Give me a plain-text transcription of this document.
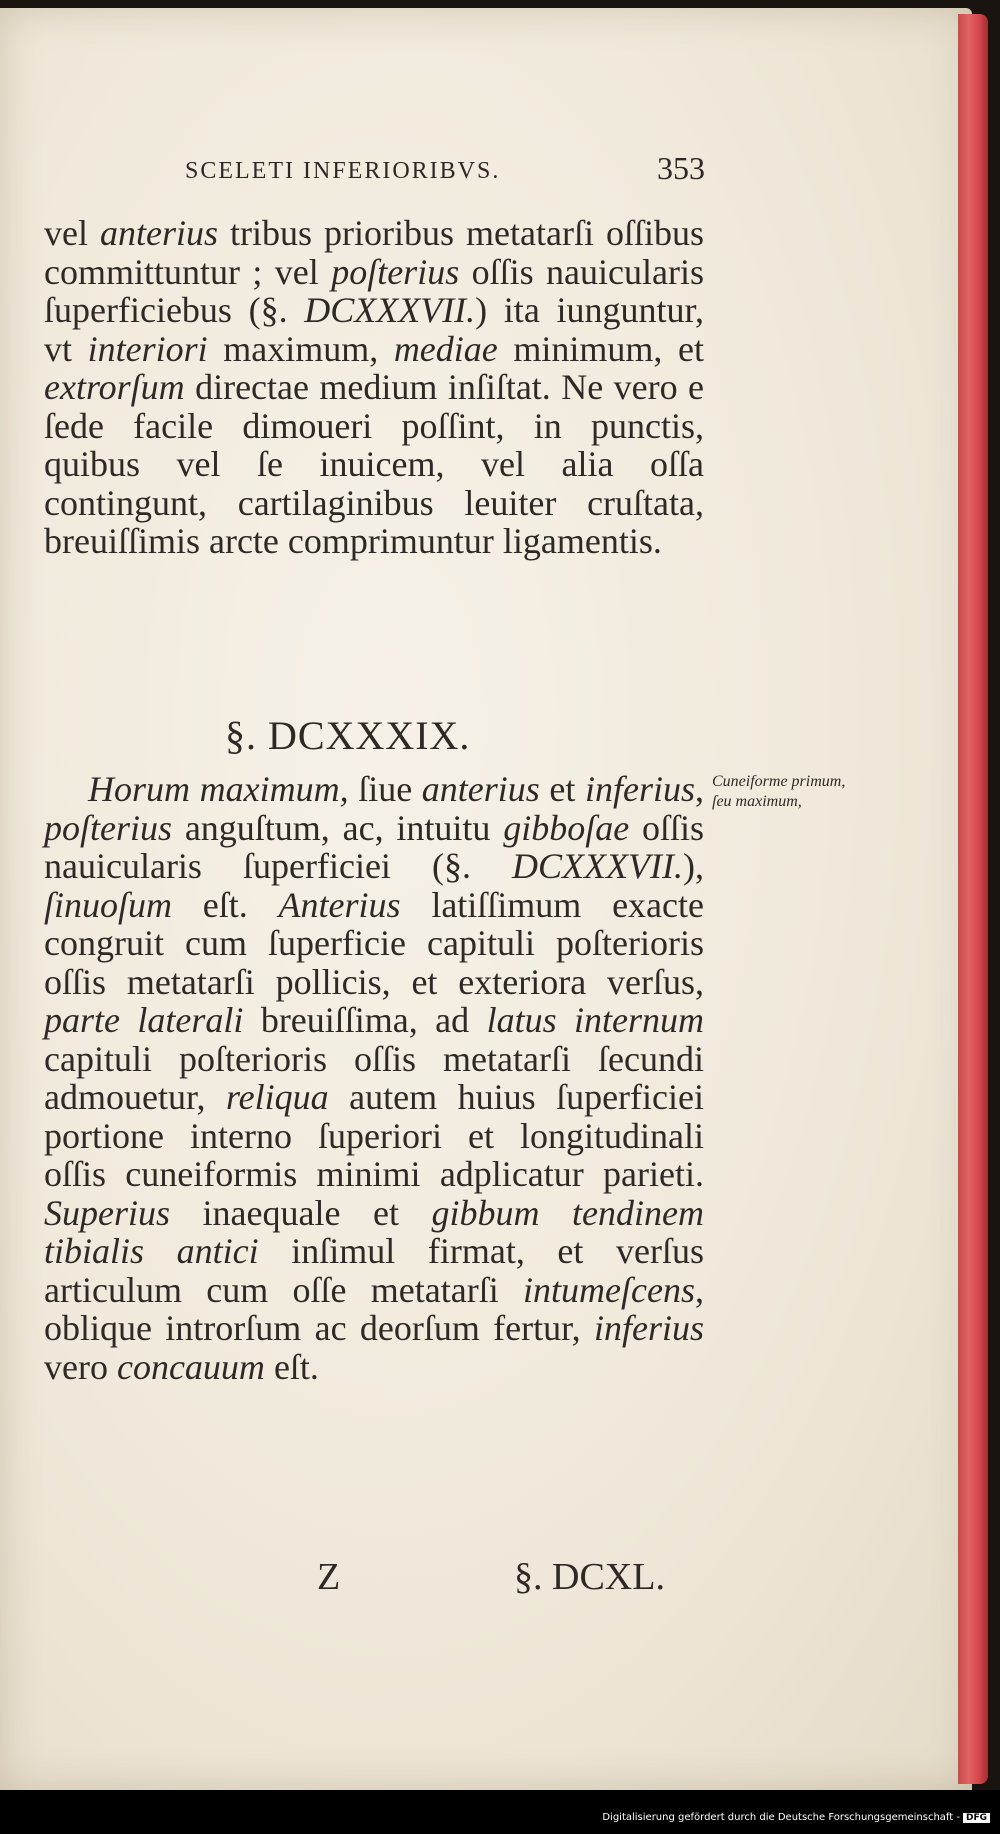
SCELETI INFERIORIBVS.	353
vel anterius tribus prioribus metatarſi oſſibus committuntur ; vel poſterius oſſis nauicularis ſuperficiebus (§. DCXXXVII.) ita iunguntur, vt interiori maximum, mediae minimum, et extrorſum directae medium inſiſtat. Ne vero e ſede facile dimoueri poſſint, in punctis, quibus vel ſe inuicem, vel alia oſſa contingunt, cartilaginibus leuiter cruſtata, breuiſſimis arcte comprimuntur ligamentis.
§. DCXXXIX.
Horum maximum, ſiue anterius et inferius, poſterius anguſtum, ac, intuitu gibboſae oſſis nauicularis ſuperficiei (§. DCXXXVII.), ſinuoſum eſt. Anterius latiſſimum exacte congruit cum ſuperficie capituli poſterioris oſſis metatarſi pollicis, et exteriora verſus, parte laterali breuiſſima, ad latus internum capituli poſterioris oſſis metatarſi ſecundi admouetur, reliqua autem huius ſuperficiei portione interno ſuperiori et longitudinali oſſis cuneiformis minimi adplicatur parieti. Superius inaequale et gibbum tendinem tibialis antici inſimul firmat, et verſus articulum cum oſſe metatarſi intumeſcens, oblique introrſum ac deorſum fertur, inferius vero concauum eſt.
Cuneiforme primum, ſeu maximum,
Z	§. DCXL.
Digitalisierung gefördert durch die Deutsche Forschungsgemeinschaft - DFG
